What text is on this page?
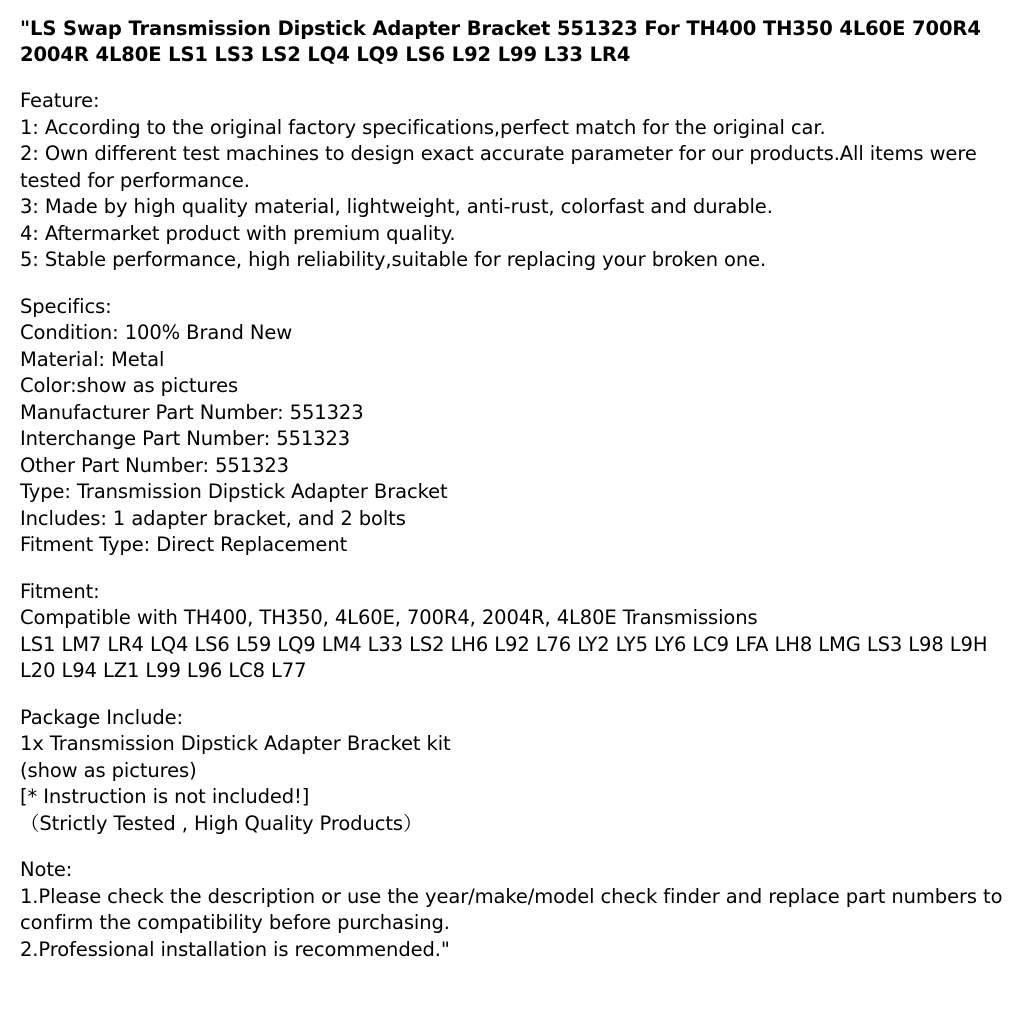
"LS Swap Transmission Dipstick Adapter Bracket 551323 For TH400 TH350 4L60E 700R4 2004R 4L80E LS1 LS3 LS2 LQ4 LQ9 LS6 L92 L99 L33 LR4
Feature:
1: According to the original factory specifications,perfect match for the original car.
2: Own different test machines to design exact accurate parameter for our products.All items were tested for performance.
3: Made by high quality material, lightweight, anti-rust, colorfast and durable.
4: Aftermarket product with premium quality.
5: Stable performance, high reliability,suitable for replacing your broken one.
Specifics:
Condition: 100% Brand New
Material: Metal
Color:show as pictures
Manufacturer Part Number: 551323
Interchange Part Number: 551323
Other Part Number: 551323
Type: Transmission Dipstick Adapter Bracket
Includes: 1 adapter bracket, and 2 bolts
Fitment Type: Direct Replacement
Fitment:
Compatible with TH400, TH350, 4L60E, 700R4, 2004R, 4L80E Transmissions
LS1 LM7 LR4 LQ4 LS6 L59 LQ9 LM4 L33 LS2 LH6 L92 L76 LY2 LY5 LY6 LC9 LFA LH8 LMG LS3 L98 L9H L20 L94 LZ1 L99 L96 LC8 L77
Package Include:
1x Transmission Dipstick Adapter Bracket kit
(show as pictures)
[* Instruction is not included!]
（Strictly Tested , High Quality Products）
Note:
1.Please check the description or use the year/make/model check finder and replace part numbers to confirm the compatibility before purchasing.
2.Professional installation is recommended."
